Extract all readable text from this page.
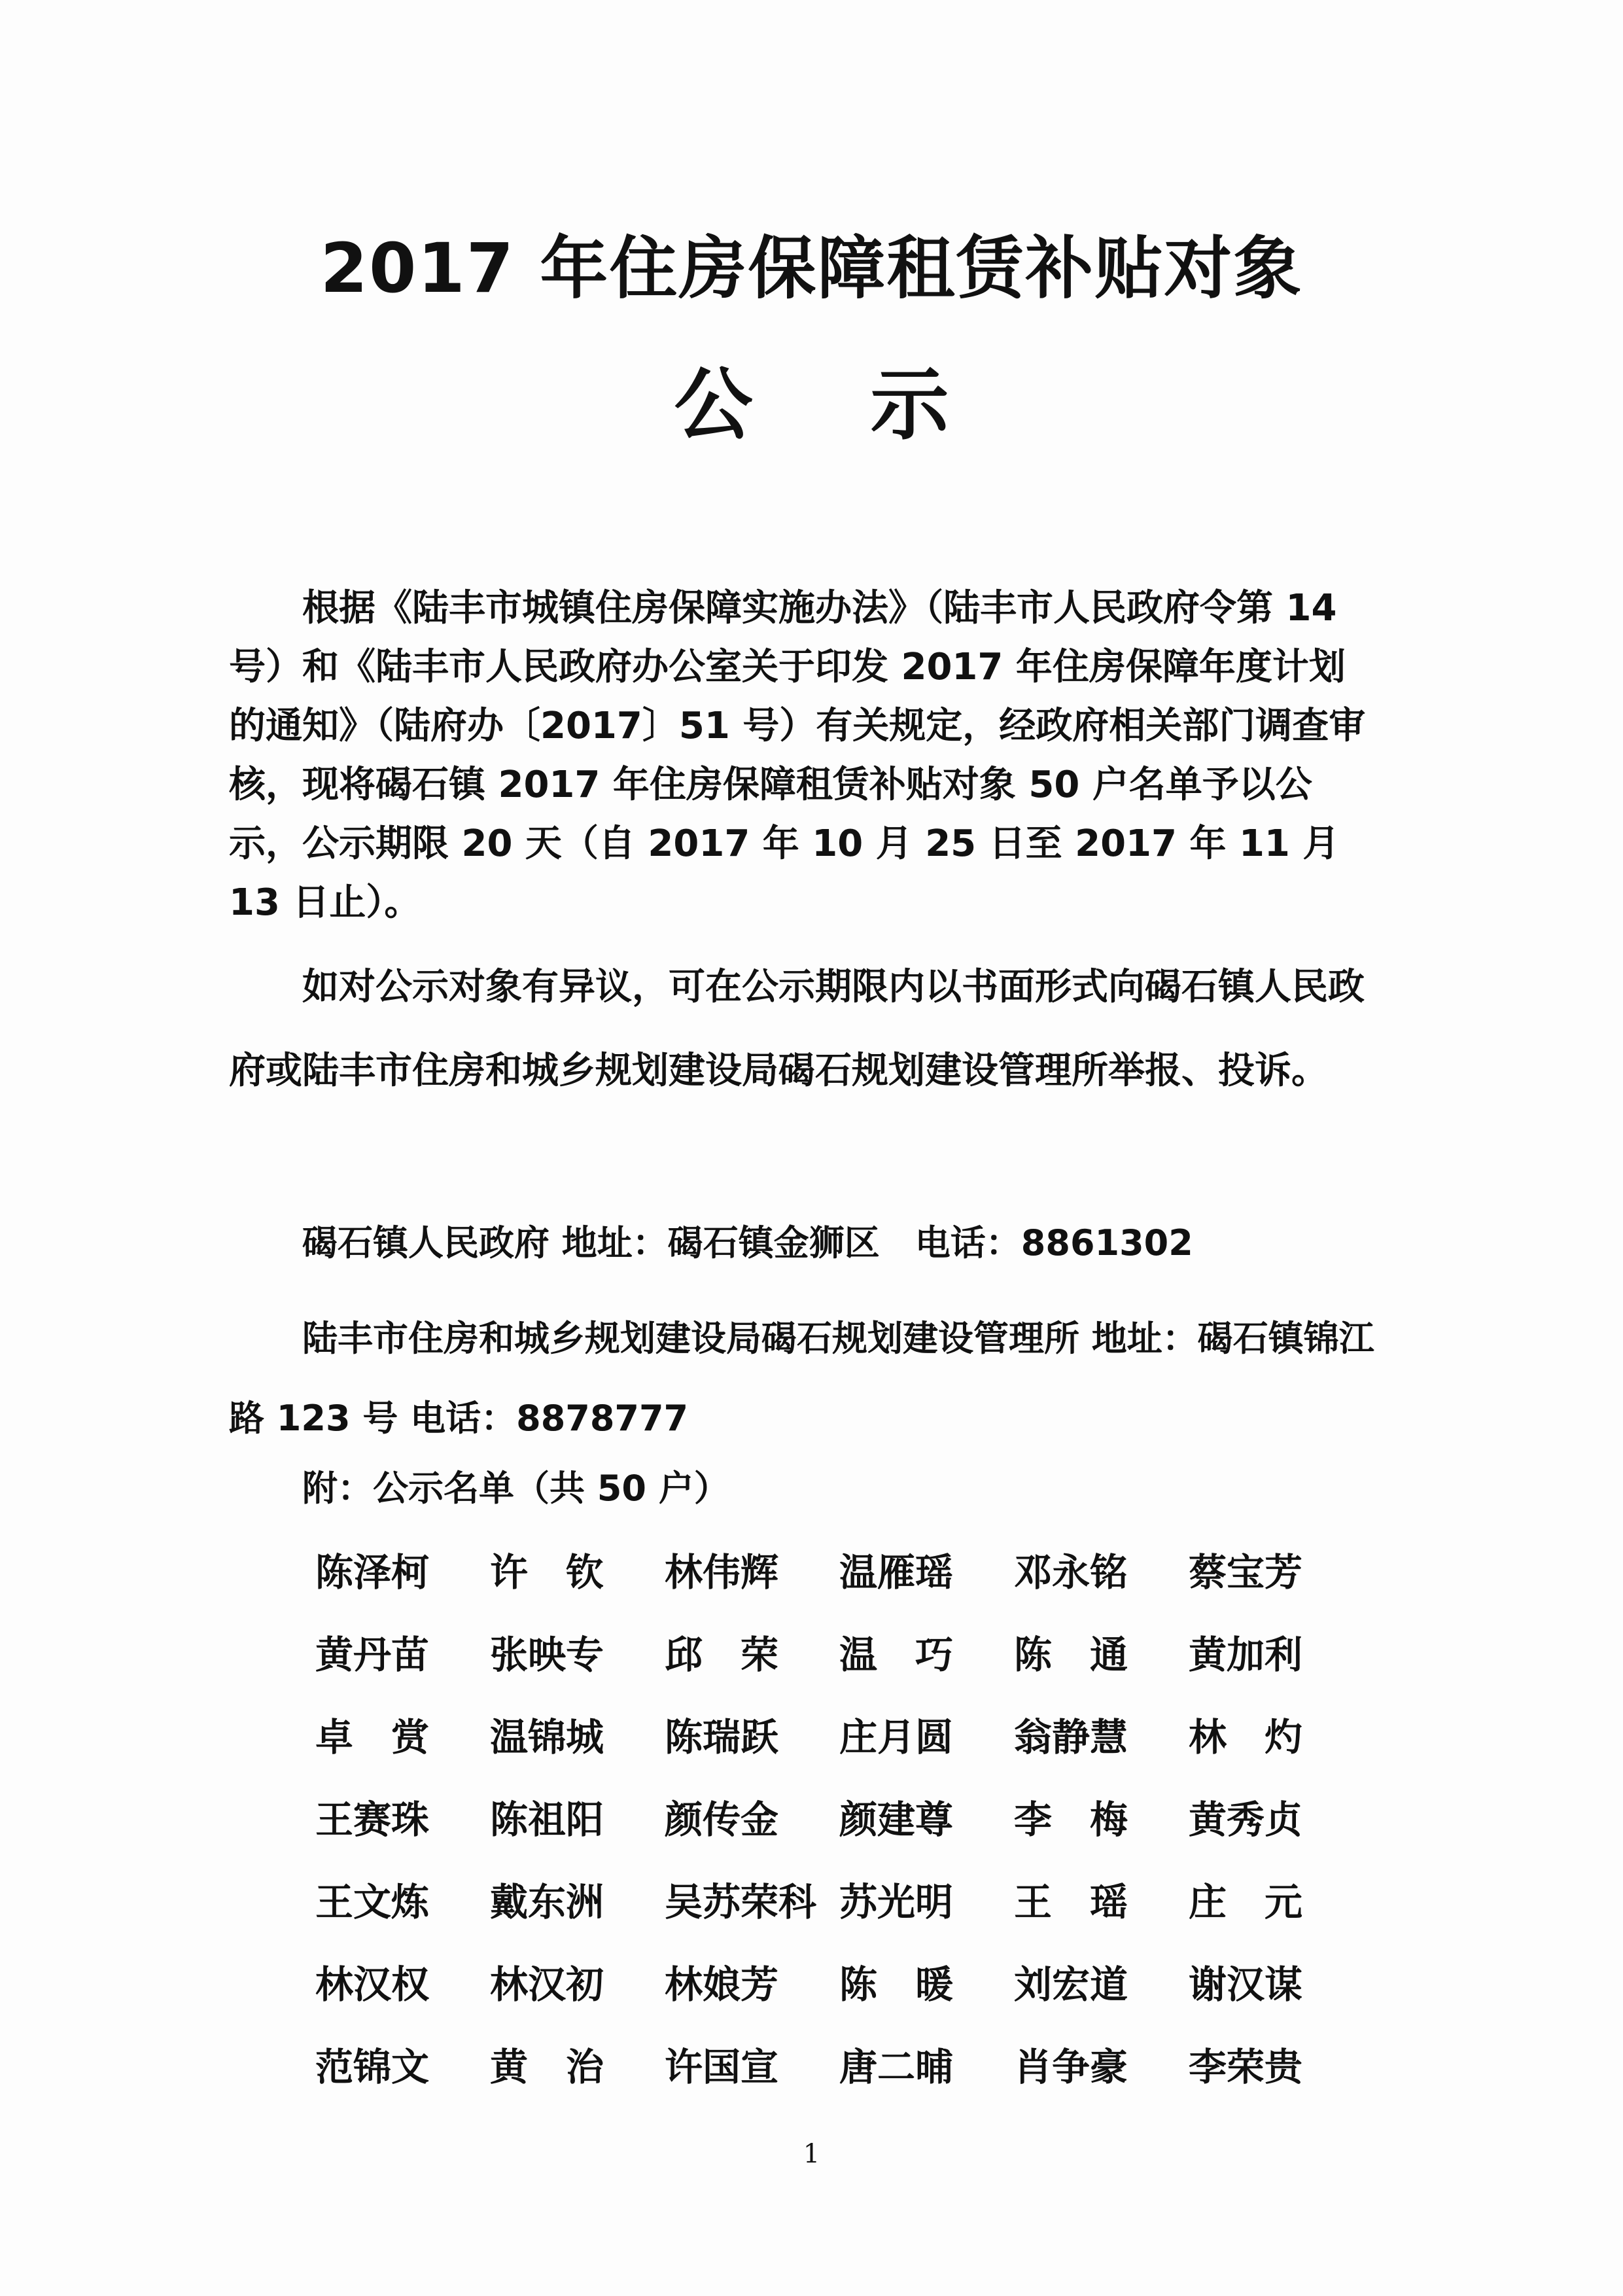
2017 年住房保障租赁补贴对象
公示
根据《陆丰市城镇住房保障实施办法》（陆丰市人民政府令第 14 号）和《陆丰市人民政府办公室关于印发 2017 年住房保障年度计划的通知》（陆府办〔2017〕51 号）有关规定，经政府相关部门调查审核，现将碣石镇 2017 年住房保障租赁补贴对象 50 户名单予以公示，公示期限 20 天（自 2017 年 10 月 25 日至 2017 年 11 月 13 日止）。
如对公示对象有异议，可在公示期限内以书面形式向碣石镇人民政府或陆丰市住房和城乡规划建设局碣石规划建设管理所举报、投诉。
碣石镇人民政府 地址：碣石镇金狮区　电话：8861302
陆丰市住房和城乡规划建设局碣石规划建设管理所 地址：碣石镇锦江路 123 号 电话：8878777
附：公示名单（共 50 户）
陈泽柯	许　钦	林伟辉	温雁瑶	邓永铭	蔡宝芳
黄丹苗	张映专	邱　荣	温　巧	陈　通	黄加利
卓　赏	温锦城	陈瑞跃	庄月圆	翁静慧	林　灼
王赛珠	陈祖阳	颜传金	颜建尊	李　梅	黄秀贞
王文炼	戴东洲	吴苏荣科 苏光明	王　瑶	庄　元
林汉权	林汉初	林娘芳	陈　暖	刘宏道	谢汉谋
范锦文	黄　治	许国宣	唐二晡	肖争豪	李荣贵
1
